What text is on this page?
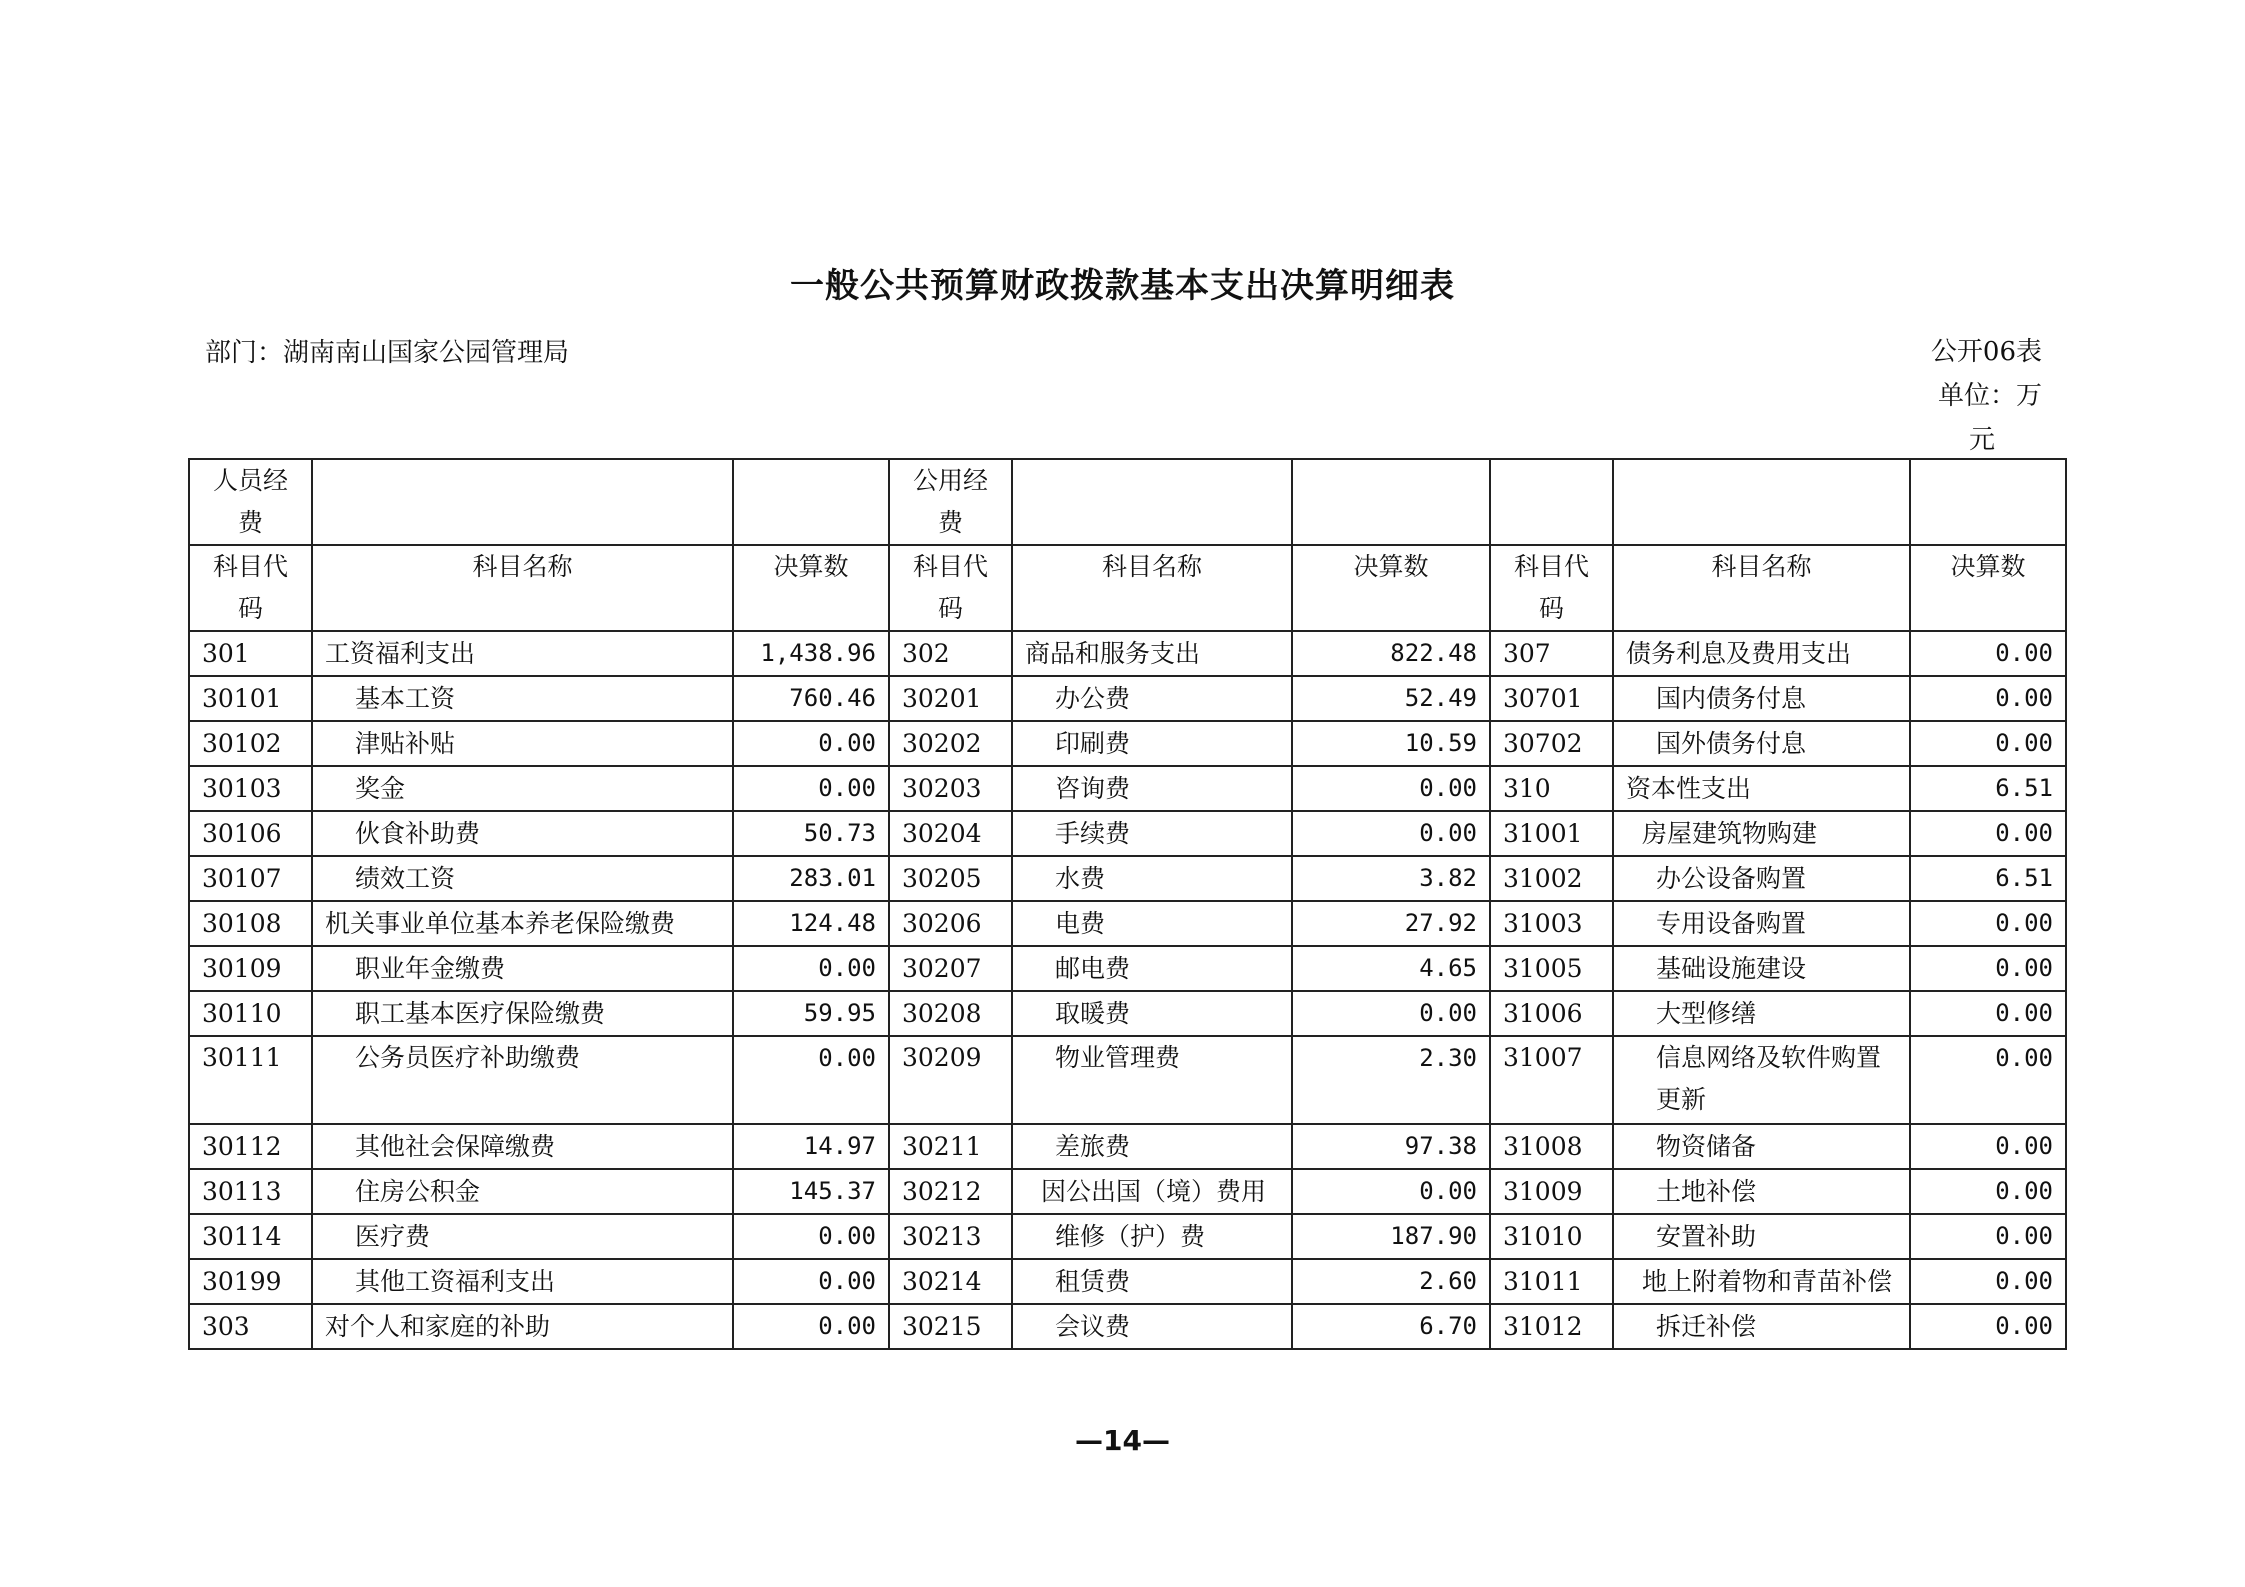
一般公共预算财政拨款基本支出决算明细表
部门：湖南南山国家公园管理局	公开06表
单位：万
元
人员经费			公用经费					
科目代码	科目名称	决算数	科目代码	科目名称	决算数	科目代码	科目名称	决算数
301	工资福利支出	1,438.96	302	商品和服务支出	822.48	307	债务利息及费用支出	0.00
30101	基本工资	760.46	30201	办公费	52.49	30701	国内债务付息	0.00
30102	津贴补贴	0.00	30202	印刷费	10.59	30702	国外债务付息	0.00
30103	奖金	0.00	30203	咨询费	0.00	310	资本性支出	6.51
30106	伙食补助费	50.73	30204	手续费	0.00	31001	房屋建筑物购建	0.00
30107	绩效工资	283.01	30205	水费	3.82	31002	办公设备购置	6.51
30108	机关事业单位基本养老保险缴费	124.48	30206	电费	27.92	31003	专用设备购置	0.00
30109	职业年金缴费	0.00	30207	邮电费	4.65	31005	基础设施建设	0.00
30110	职工基本医疗保险缴费	59.95	30208	取暖费	0.00	31006	大型修缮	0.00
30111	公务员医疗补助缴费	0.00	30209	物业管理费	2.30	31007	信息网络及软件购置更新	0.00
30112	其他社会保障缴费	14.97	30211	差旅费	97.38	31008	物资储备	0.00
30113	住房公积金	145.37	30212	因公出国（境）费用	0.00	31009	土地补偿	0.00
30114	医疗费	0.00	30213	维修（护）费	187.90	31010	安置补助	0.00
30199	其他工资福利支出	0.00	30214	租赁费	2.60	31011	地上附着物和青苗补偿	0.00
303	对个人和家庭的补助	0.00	30215	会议费	6.70	31012	拆迁补偿	0.00
—14—
